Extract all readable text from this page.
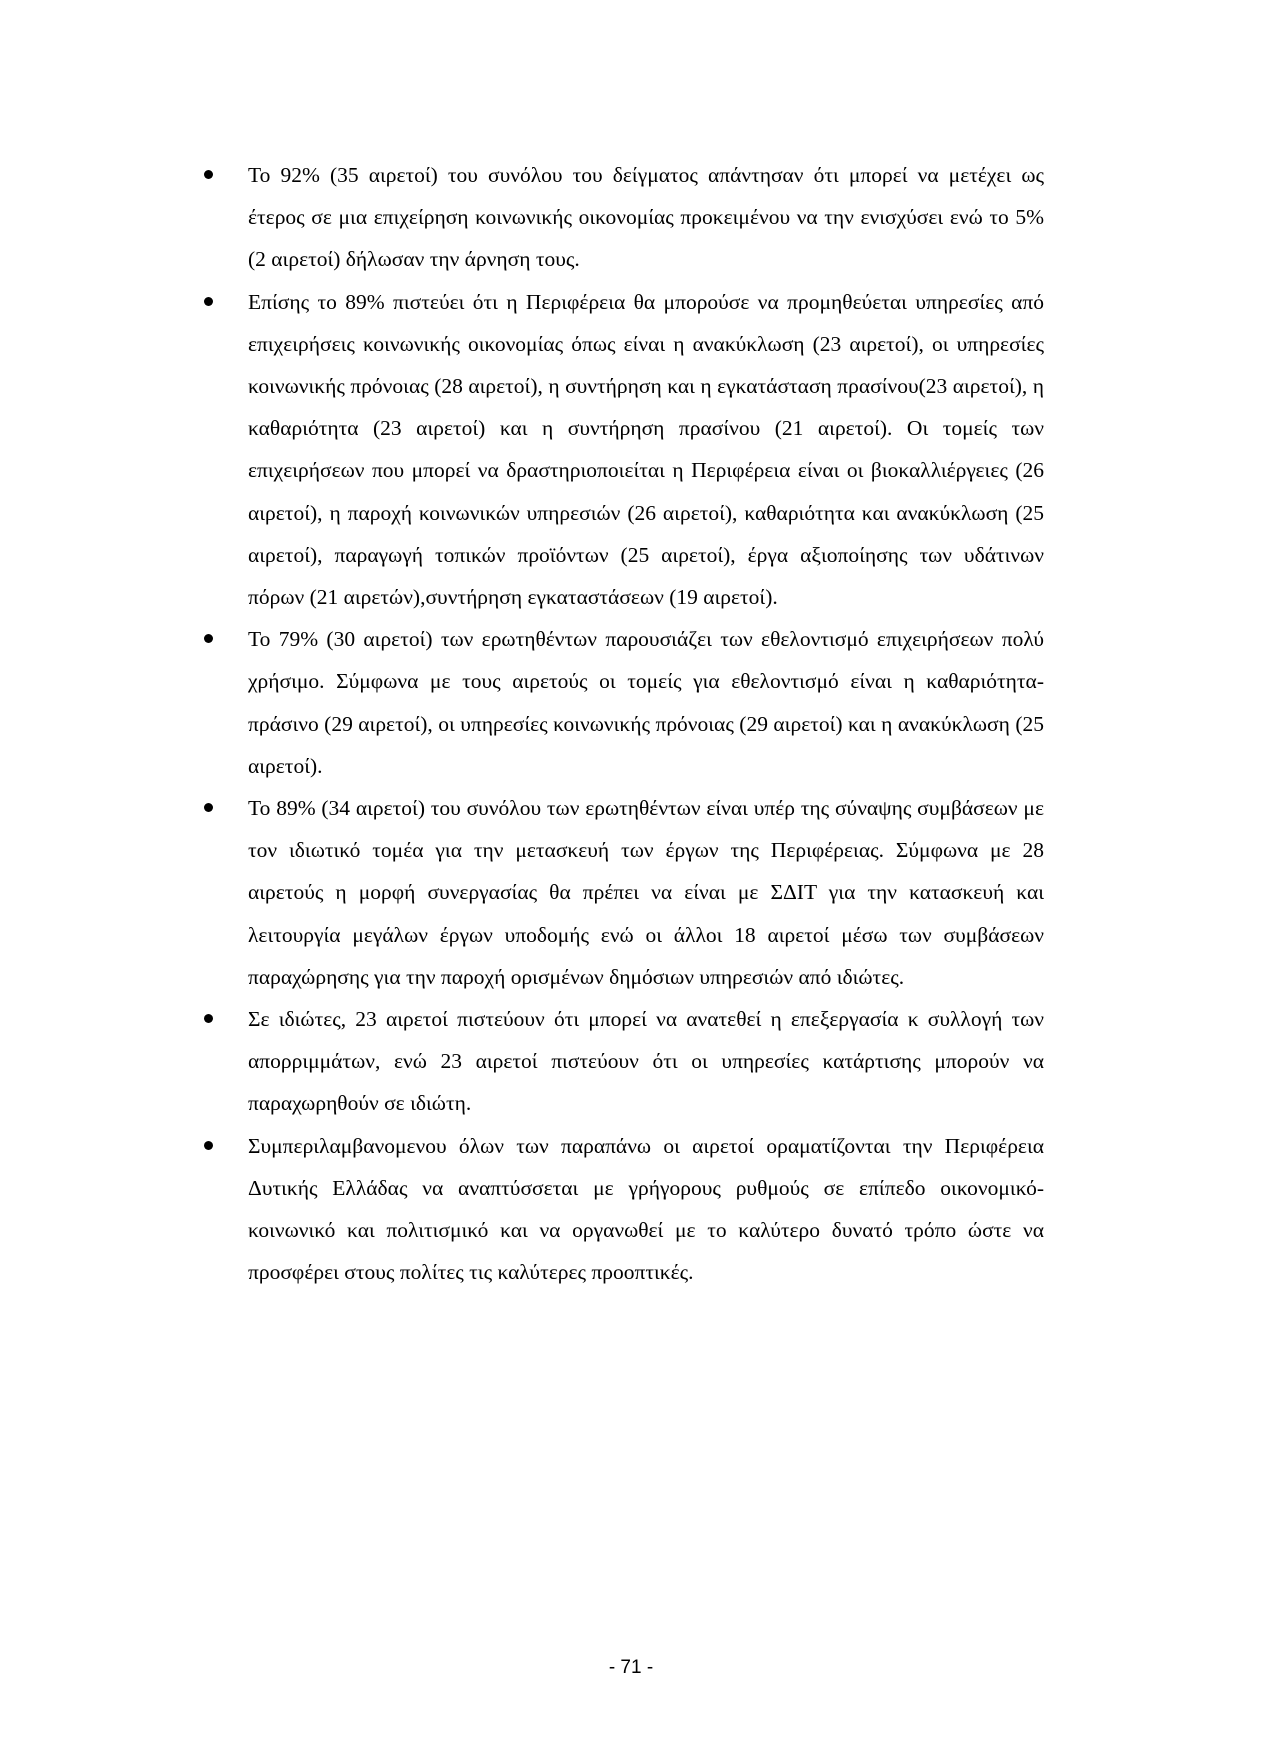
Το 92% (35 αιρετοί) του συνόλου του δείγματος απάντησαν ότι μπορεί να μετέχει ως έτερος σε μια επιχείρηση κοινωνικής οικονομίας προκειμένου να την ενισχύσει ενώ το 5% (2 αιρετοί) δήλωσαν την άρνηση τους.
Επίσης το 89% πιστεύει ότι η Περιφέρεια θα μπορούσε να προμηθεύεται υπηρεσίες από επιχειρήσεις κοινωνικής οικονομίας όπως είναι η ανακύκλωση (23 αιρετοί), οι υπηρεσίες κοινωνικής πρόνοιας (28 αιρετοί), η συντήρηση και η εγκατάσταση πρασίνου(23 αιρετοί), η καθαριότητα (23 αιρετοί) και η συντήρηση πρασίνου (21 αιρετοί). Οι τομείς των επιχειρήσεων που μπορεί να δραστηριοποιείται η Περιφέρεια είναι οι βιοκαλλιέργειες (26 αιρετοί), η παροχή κοινωνικών υπηρεσιών (26 αιρετοί), καθαριότητα και ανακύκλωση (25 αιρετοί), παραγωγή τοπικών προϊόντων (25 αιρετοί), έργα αξιοποίησης των υδάτινων πόρων (21 αιρετών),συντήρηση εγκαταστάσεων (19 αιρετοί).
Το 79% (30 αιρετοί) των ερωτηθέντων παρουσιάζει των εθελοντισμό επιχειρήσεων πολύ χρήσιμο. Σύμφωνα με τους αιρετούς οι τομείς για εθελοντισμό είναι η καθαριότητα-πράσινο (29 αιρετοί), οι υπηρεσίες κοινωνικής πρόνοιας (29 αιρετοί) και η ανακύκλωση (25 αιρετοί).
Το 89% (34 αιρετοί) του συνόλου των ερωτηθέντων είναι υπέρ της σύναψης συμβάσεων με τον ιδιωτικό τομέα για την μετασκευή των έργων της Περιφέρειας. Σύμφωνα με 28 αιρετούς η μορφή συνεργασίας θα πρέπει να είναι με ΣΔΙΤ για την κατασκευή και λειτουργία μεγάλων έργων υποδομής ενώ οι άλλοι 18 αιρετοί μέσω των συμβάσεων παραχώρησης για την παροχή ορισμένων δημόσιων υπηρεσιών από ιδιώτες.
Σε ιδιώτες, 23 αιρετοί πιστεύουν ότι μπορεί να ανατεθεί η επεξεργασία κ συλλογή των απορριμμάτων, ενώ 23 αιρετοί πιστεύουν ότι οι υπηρεσίες κατάρτισης μπορούν να παραχωρηθούν σε ιδιώτη.
Συμπεριλαμβανομενου όλων των παραπάνω οι αιρετοί οραματίζονται την Περιφέρεια Δυτικής Ελλάδας να αναπτύσσεται με γρήγορους ρυθμούς σε επίπεδο οικονομικό-κοινωνικό και πολιτισμικό και να οργανωθεί με το καλύτερο δυνατό τρόπο ώστε να προσφέρει στους πολίτες τις καλύτερες προοπτικές.
- 71 -
